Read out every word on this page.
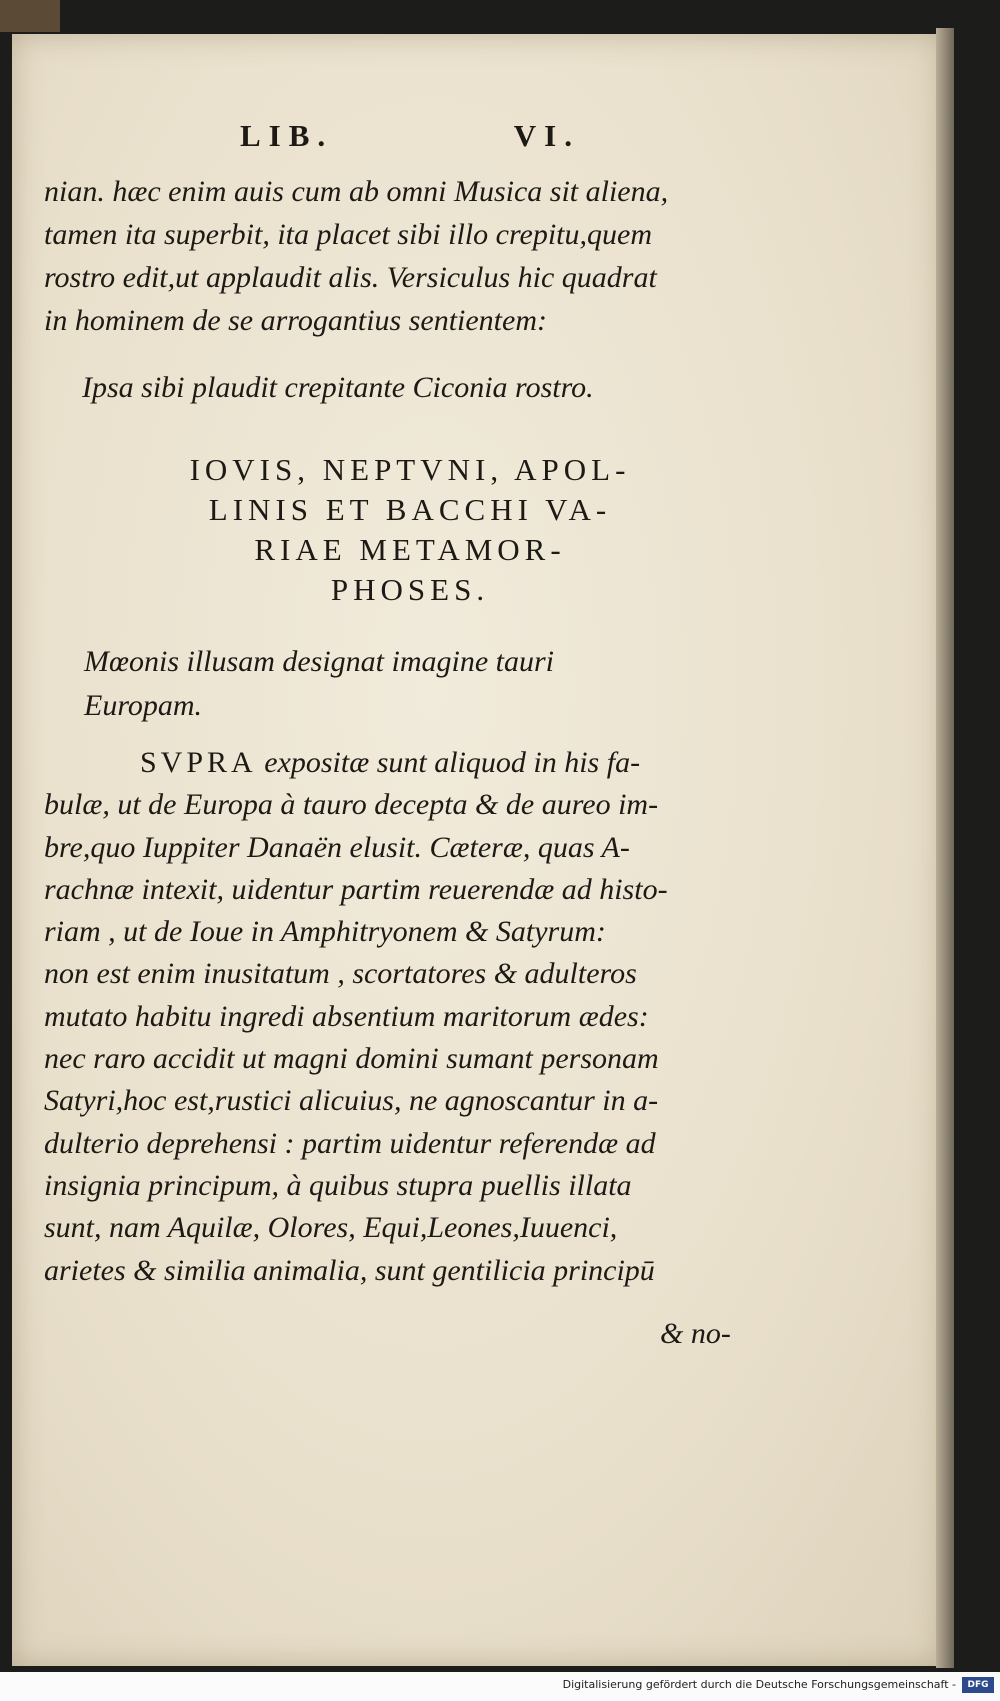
LIB.	VI.
nian. hæc enim auis cum ab omni Musica sit aliena,
tamen ita superbit, ita placet sibi illo crepitu,quem
rostro edit,ut applaudit alis. Versiculus hic quadrat
in hominem de se arrogantius sentientem:
Ipsa sibi plaudit crepitante Ciconia rostro.
IOVIS, NEPTVNI, APOL-
LINIS ET BACCHI VA-
RIAE METAMOR-
PHOSES.
Mœonis illusam designat imagine tauri
Europam.
SVPRA expositæ sunt aliquod in his fa-
bulæ, ut de Europa à tauro decepta & de aureo im-
bre,quo Iuppiter Danaën elusit. Cæteræ, quas A-
rachnæ intexit, uidentur partim reuerendæ ad histo-
riam , ut de Ioue in Amphitryonem & Satyrum:
non est enim inusitatum , scortatores & adulteros
mutato habitu ingredi absentium maritorum ædes:
nec raro accidit ut magni domini sumant personam
Satyri,hoc est,rustici alicuius, ne agnoscantur in a-
dulterio deprehensi : partim uidentur referendæ ad
insignia principum, à quibus stupra puellis illata
sunt, nam Aquilæ, Olores, Equi,Leones,Iuuenci,
arietes & similia animalia, sunt gentilicia principū
& no-
Digitalisierung gefördert durch die Deutsche Forschungsgemeinschaft -	DFG
